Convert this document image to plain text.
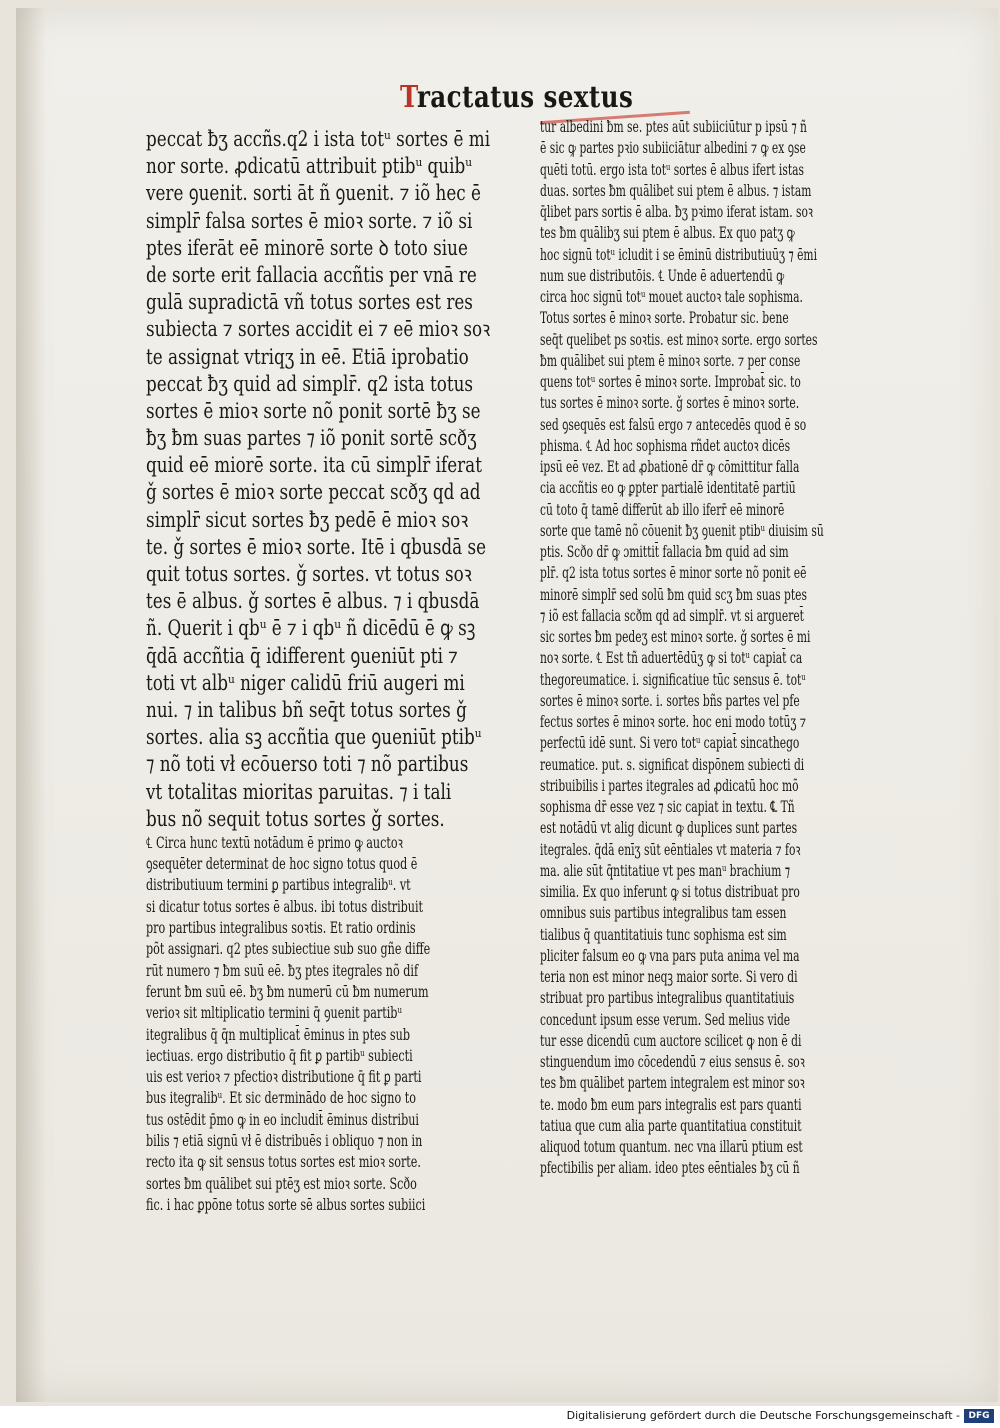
Tractatus sextus
peccat ƀʒ accñs.q2 i ista totᵘ sortes ē mi
nor sorte. ꝓdicatū attribuit ptibᵘ quibᵘ
vere ꝯuenit. sorti āt ñ ꝯuenit. ⁊ iõ hec ē
simplr̄ falsa sortes ē mioꝛ sorte. ⁊ iõ si
ptes iferāt eē minorē sorte ꝺ toto siue
de sorte erit fallacia accñtis per vnā re
gulā supradictā vñ totus sortes est res
subiecta ⁊ sortes accidit ei ⁊ eē mioꝛ soꝛ
te assignat vtriqʒ in eē. Etiā iprobatio
peccat ƀʒ quid ad simplr̄. q2 ista totus
sortes ē mioꝛ sorte nõ ponit sortē ƀʒ se
ƀʒ ƀm suas partes ⁊ iõ ponit sortē scðʒ
quid eē miorē sorte. ita cū simplr̄ iferat
ǧ sortes ē mioꝛ sorte peccat scðʒ qd ad
simplr̄ sicut sortes ƀʒ pedē ē mioꝛ soꝛ
te. ǧ sortes ē mioꝛ sorte. Itē i qbusdā se
quit totus sortes. ǧ sortes. vt totus soꝛ
tes ē albus. ǧ sortes ē albus. ⁊ i qbusdā
ñ. Querit i qbᵘ ē ⁊ i qbᵘ ñ dicēdū ē ꝙ sꝫ
q̄dā accñtia q̄ idifferent ꝯueniūt pti ⁊
toti vt albᵘ niger calidū friū augeri mi
nui. ⁊ in talibus bñ seq̄t totus sortes ǧ
sortes. alia sꝫ accñtia que ꝯueniūt ptibᵘ
⁊ nõ toti vł ecōuerso toti ⁊ nõ partibus
vt totalitas mioritas paruitas. ⁊ i tali
bus nõ sequit totus sortes ǧ sortes.
℄ Circa hunc textū notādum ē primo ꝙ auctoꝛ
ꝯsequēter determinat de hoc signo totus quod ē
distributiuum termini ꝑ partibus integralibᵘ. vt
si dicatur totus sortes ē albus. ibi totus distribuit
pro partibus integralibus soꝛtis. Et ratio ordinis
põt assignari. q2 ptes subiectiue sub suo gñe diffe
rūt numero ⁊ ƀm suū eē. ƀʒ ptes itegrales nõ dif
ferunt ƀm suū eē. ƀʒ ƀm numerū cū ƀm numerum
verioꝛ sit mltiplicatio termini q̄ ꝯuenit partibᵘ
itegralibus q̄ q̄n multiplicat̄ ēminus in ptes sub
iectiuas. ergo distributio q̄ fit ꝑ partibᵘ subiecti
uis est verioꝛ ⁊ pfectioꝛ distributione q̄ fit ꝑ parti
bus itegralibᵘ. Et sic deᴛminādo de hoc signo to
tus ostēdit p̄mo ꝙ in eo includit̄ ēminus distribui
bilis ⁊ etiā signū vł ē distribuēs i obliquo ⁊ non in
recto ita ꝙ sit sensus totus sortes est mioꝛ sorte.
sortes ƀm quālibet sui ptēʒ est mioꝛ sorte. Scðo
fic. i hac ꝑpōne totus sorte sē albus sortes subiici
tur albedini ƀm se. ptes aūt subiiciūtur p ipsū ⁊ ñ
ē sic ꝙ partes pꝛio subiiciātur albedini ⁊ ꝙ ex ꝯse
quēti totū. ergo ista totᵘ sortes ē albus ifert istas
duas. sortes ƀm quālibet sui ptem ē albus. ⁊ istam
q̄libet pars sortis ē alba. ƀʒ pꝛimo iferat istam. soꝛ
tes ƀm quālibʒ sui ptem ē albus. Ex quo patʒ ꝙ
hoc signū totᵘ icludit i se ēminū distributiuūʒ ⁊ ēmi
num sue distributōis. ℄ Unde ē aduertendū ꝙ
circa hoc signū totᵘ mouet auctoꝛ tale sophisma.
Totus sortes ē minoꝛ sorte. Probatur sic. bene
seq̄t quelibet ps soꝛtis. est minoꝛ sorte. ergo sortes
ƀm quālibet sui ptem ē minoꝛ sorte. ⁊ per conse
quens totᵘ sortes ē minoꝛ sorte. Improbat̄ sic. to
tus sortes ē minoꝛ sorte. ǧ sortes ē minoꝛ sorte.
sed ꝯsequēs est falsū ergo ⁊ antecedēs quod ē so
phisma. ℄ Ad hoc sophisma rñdet auctoꝛ dicēs
ipsū eē vez. Et ad ꝓbationē dr̄ ꝙ cōmittitur falla
cia accñtis eo ꝙ ꝑpter partialē identitatē partiū
cū toto q̄ tamē differūt ab illo iferr̄ eē minorē
sorte que tamē nõ cōuenit ƀʒ ꝯuenit ptibᵘ diuisim sū
ptis. Scðo dr̄ ꝙ ɔmittit̄ fallacia ƀm quid ad sim
plr̄. q2 ista totus sortes ē minor sorte nõ ponit eē
minorē simplr̄ sed solū ƀm quid scʒ ƀm suas ptes
⁊ iõ est fallacia scðm qd ad simplr̄. vt si argueret̄
sic sortes ƀm pedeʒ est minoꝛ sorte. ǧ sortes ē mi
noꝛ sorte. ℄ Est tñ aduertēdūʒ ꝙ si totᵘ capiat̄ ca
thegoreumatice. i. significatiue tūc sensus ē. totᵘ
sortes ē minoꝛ sorte. i. sortes bñs partes vel pfe
fectus sortes ē minoꝛ sorte. hoc eni modo totūʒ ⁊
perfectū idē sunt. Si vero totᵘ capiat̄ sincathego
reumatice. put. s. significat dispōnem subiecti di
stribuibilis i partes itegrales ad ꝓdicatū hoc mõ
sophisma dr̄ esse vez ⁊ sic capiat in textu. ℄ Tñ
est notādū vt alig dicunt ꝙ duplices sunt partes
itegrales. q̄dā enīʒ sūt eēntiales vt materia ⁊ foꝛ
ma. alie sūt q̄ntitatiue vt pes manᵘ brachium ⁊
similia. Ex quo inferunt ꝙ si totus distribuat pro
omnibus suis partibus integralibus tam essen
tialibus q̄ quantitatiuis tunc sophisma est sim
pliciter falsum eo ꝙ vna pars puta anima vel ma
teria non est minor neqꝫ maior sorte. Si vero di
stribuat pro partibus integralibus quantitatiuis
concedunt ipsum esse verum. Sed melius vide
tur esse dicendū cum auctore scilicet ꝙ non ē di
stinguendum imo cōcedendū ⁊ eius sensus ē. soꝛ
tes ƀm quālibet partem integralem est minor soꝛ
te. modo ƀm eum pars integralis est pars quanti
tatiua que cum alia parte quantitatiua constituit
aliquod totum quantum. nec vna illarū ptium est
pfectibilis per aliam. ideo ptes eēntiales ƀʒ cū ñ
Digitalisierung gefördert durch die Deutsche Forschungsgemeinschaft - DFG
